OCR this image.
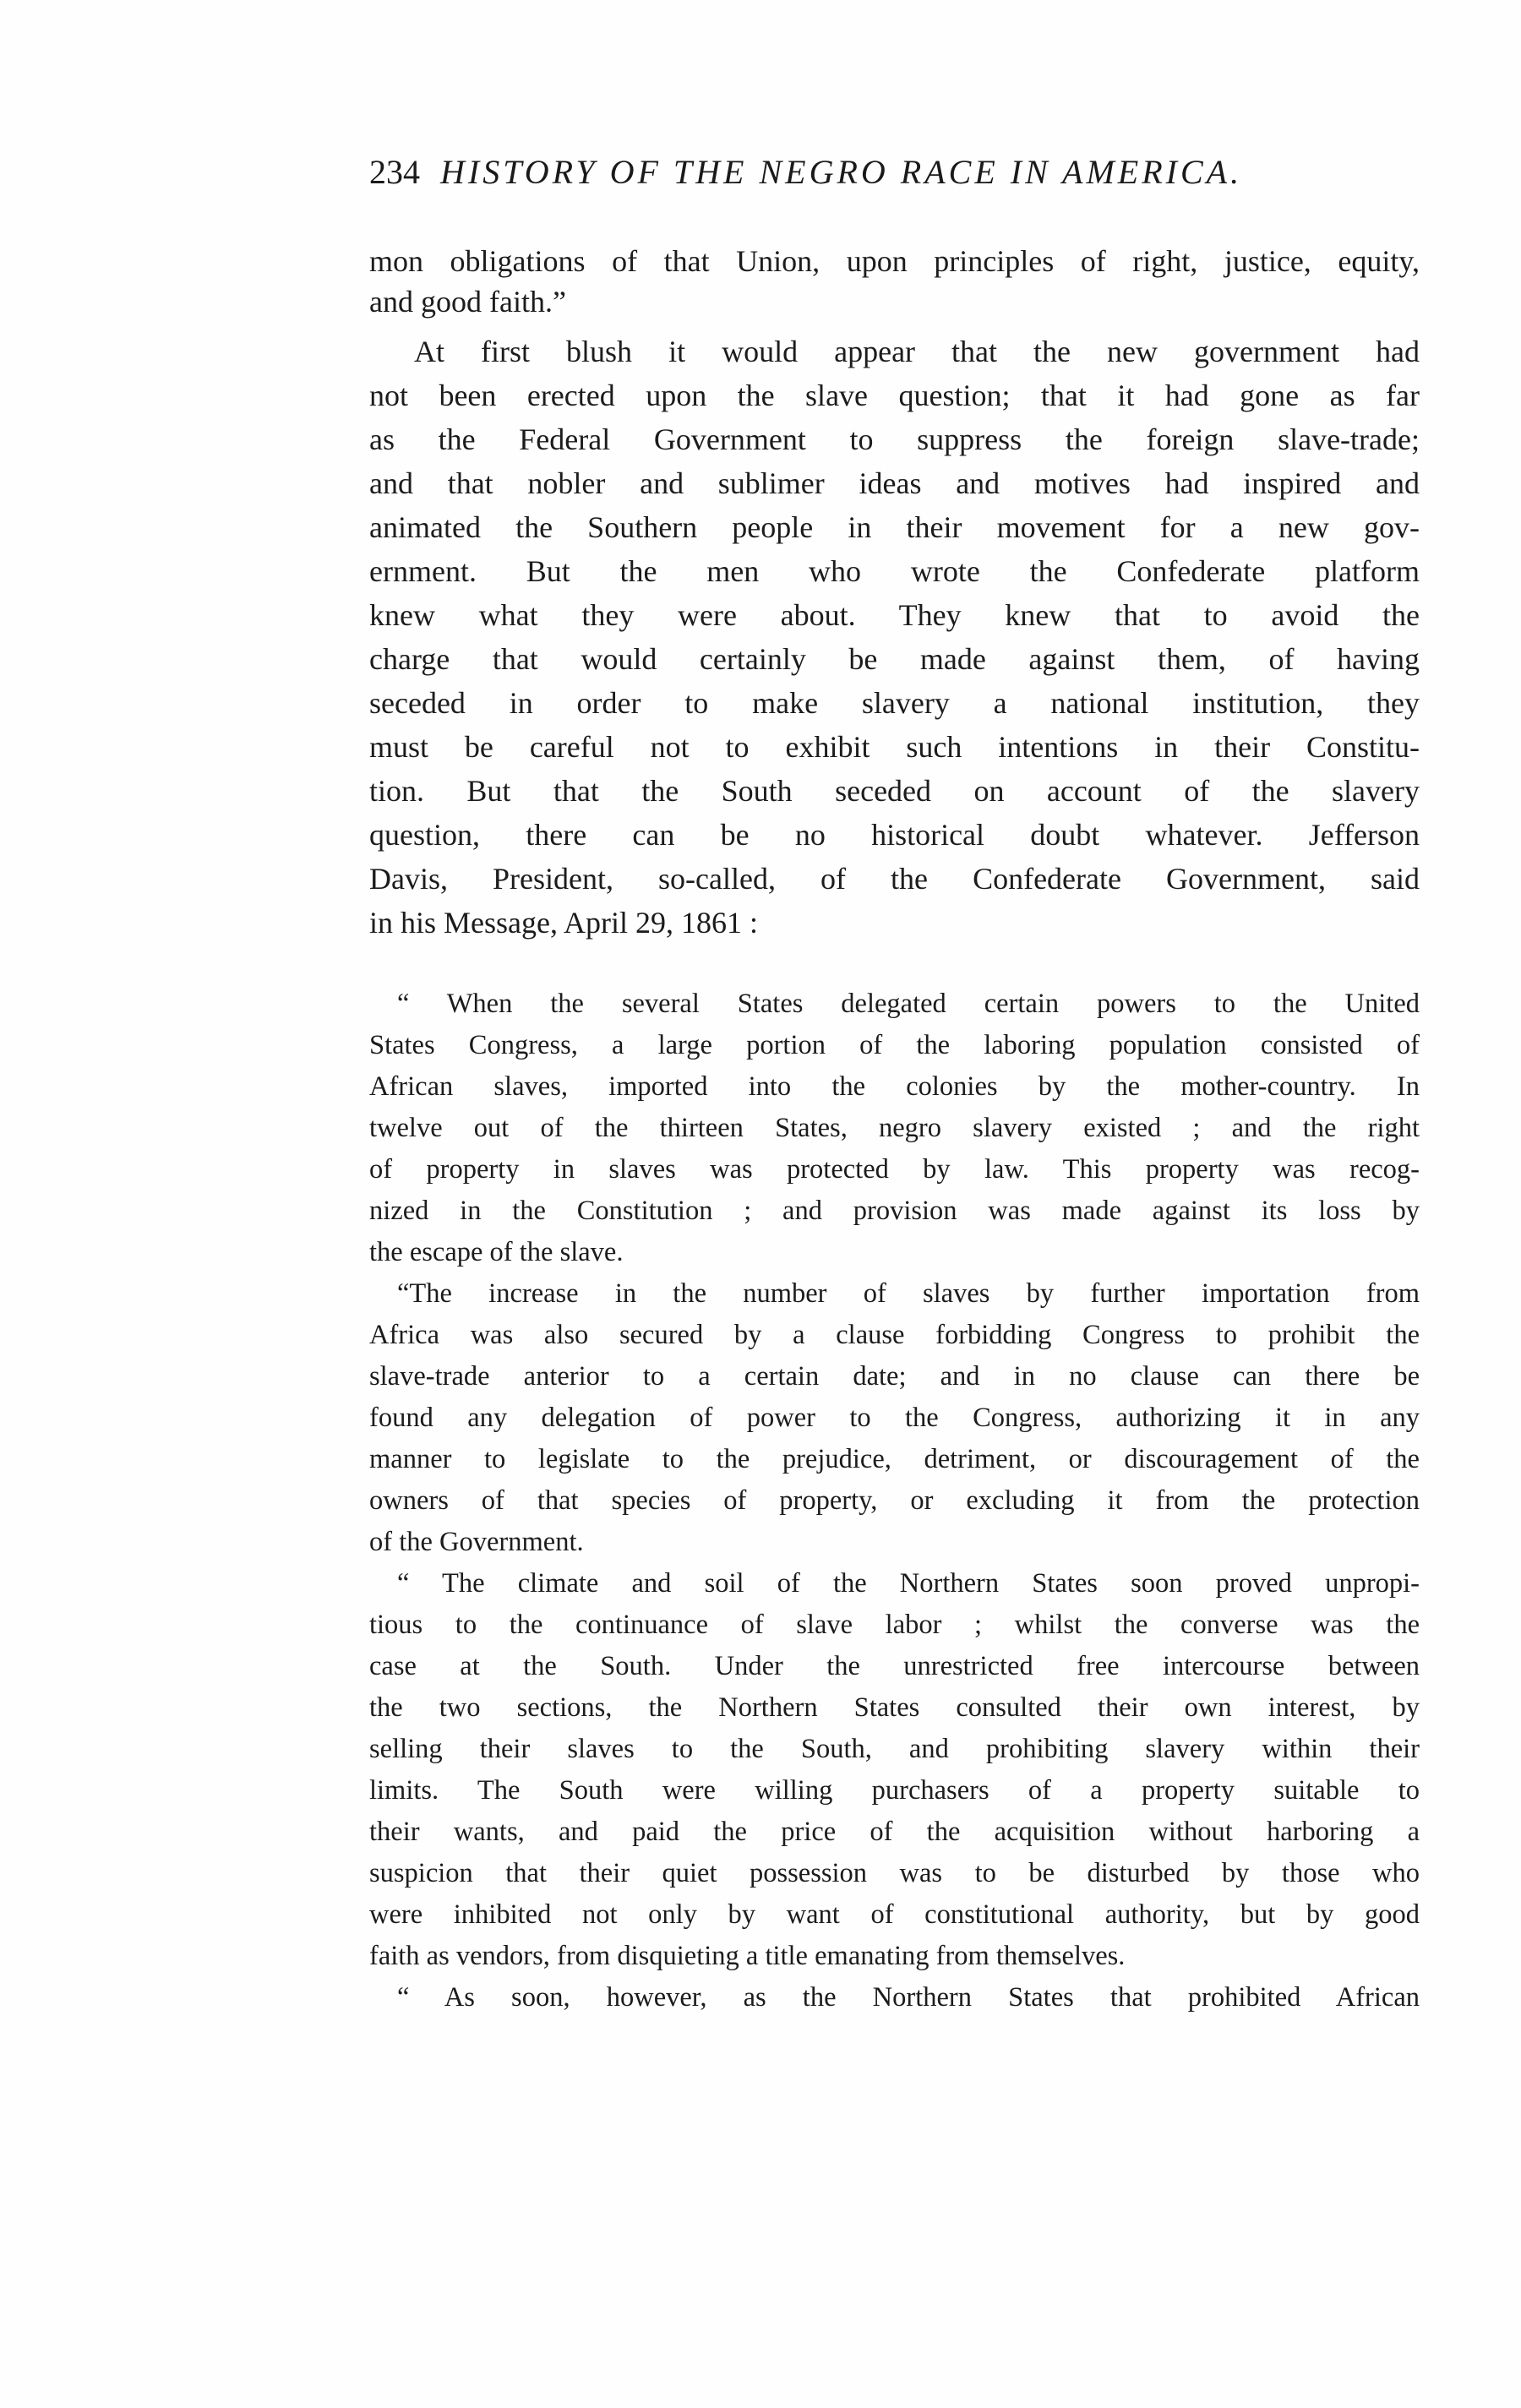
234 HISTORY OF THE NEGRO RACE IN AMERICA.
mon obligations of that Union, upon principles of right, justice, equity,
and good faith.”
At first blush it would appear that the new government had
not been erected upon the slave question; that it had gone as far
as the Federal Government to suppress the foreign slave-trade;
and that nobler and sublimer ideas and motives had inspired and
animated the Southern people in their movement for a new gov-
ernment. But the men who wrote the Confederate platform
knew what they were about. They knew that to avoid the
charge that would certainly be made against them, of having
seceded in order to make slavery a national institution, they
must be careful not to exhibit such intentions in their Constitu-
tion. But that the South seceded on account of the slavery
question, there can be no historical doubt whatever. Jefferson
Davis, President, so-called, of the Confederate Government, said
in his Message, April 29, 1861 :
“ When the several States delegated certain powers to the United
States Congress, a large portion of the laboring population consisted of
African slaves, imported into the colonies by the mother-country. In
twelve out of the thirteen States, negro slavery existed ; and the right
of property in slaves was protected by law. This property was recog-
nized in the Constitution ; and provision was made against its loss by
the escape of the slave.
“The increase in the number of slaves by further importation from
Africa was also secured by a clause forbidding Congress to prohibit the
slave-trade anterior to a certain date; and in no clause can there be
found any delegation of power to the Congress, authorizing it in any
manner to legislate to the prejudice, detriment, or discouragement of the
owners of that species of property, or excluding it from the protection
of the Government.
“ The climate and soil of the Northern States soon proved unpropi-
tious to the continuance of slave labor ; whilst the converse was the
case at the South. Under the unrestricted free intercourse between
the two sections, the Northern States consulted their own interest, by
selling their slaves to the South, and prohibiting slavery within their
limits. The South were willing purchasers of a property suitable to
their wants, and paid the price of the acquisition without harboring a
suspicion that their quiet possession was to be disturbed by those who
were inhibited not only by want of constitutional authority, but by good
faith as vendors, from disquieting a title emanating from themselves.
“ As soon, however, as the Northern States that prohibited African
